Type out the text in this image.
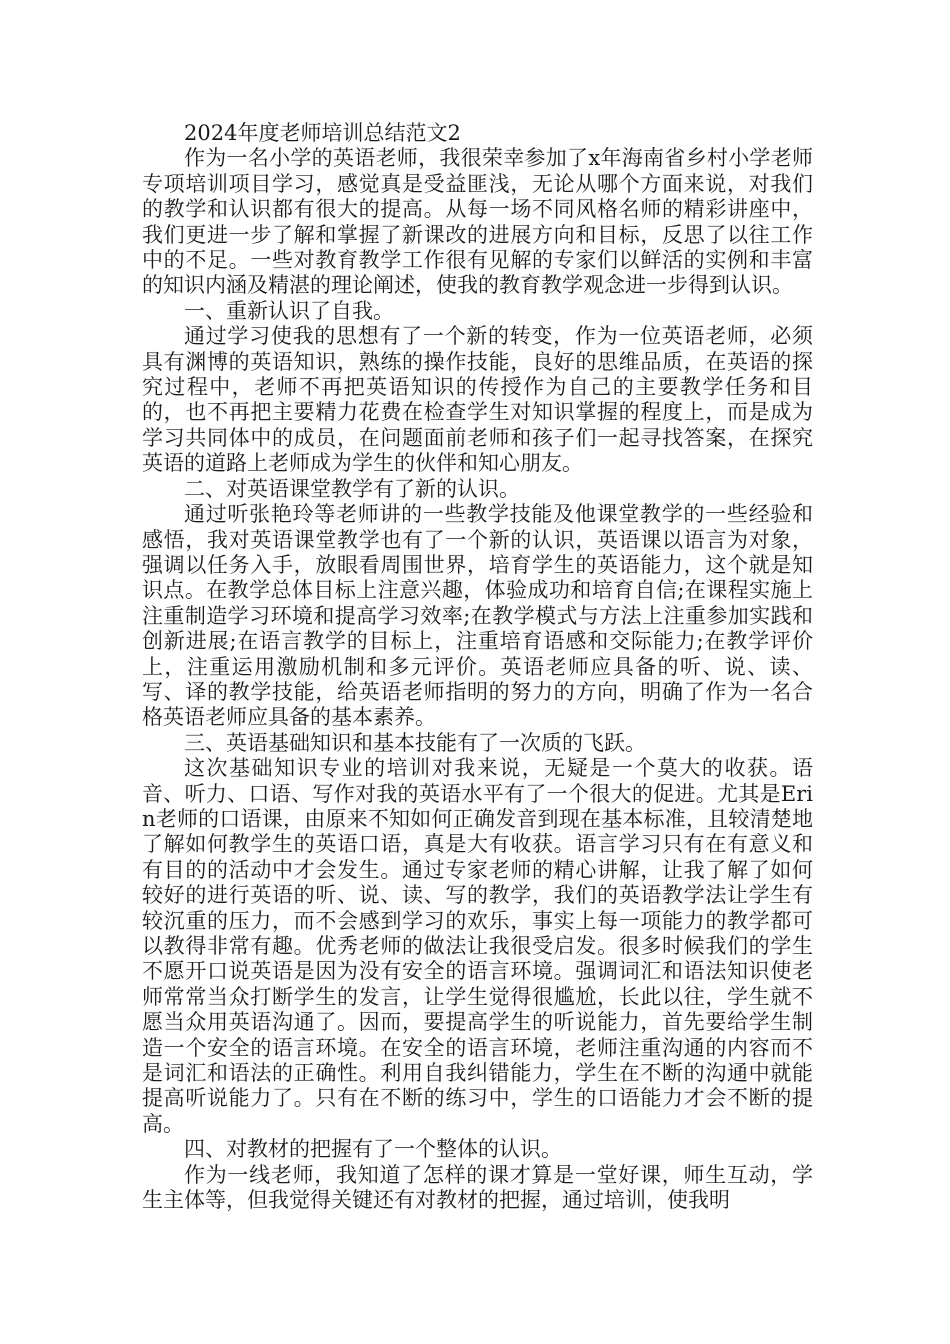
2024年度老师培训总结范文2

作为一名小学的英语老师，我很荣幸参加了x年海南省乡村小学老师专项培训项目学习，感觉真是受益匪浅，无论从哪个方面来说，对我们的教学和认识都有很大的提高。从每一场不同风格名师的精彩讲座中，我们更进一步了解和掌握了新课改的进展方向和目标，反思了以往工作中的不足。一些对教育教学工作很有见解的专家们以鲜活的实例和丰富的知识内涵及精湛的理论阐述，使我的教育教学观念进一步得到认识。

一、重新认识了自我。

通过学习使我的思想有了一个新的转变，作为一位英语老师，必须具有渊博的英语知识，熟练的操作技能，良好的思维品质，在英语的探究过程中，老师不再把英语知识的传授作为自己的主要教学任务和目的，也不再把主要精力花费在检查学生对知识掌握的程度上，而是成为学习共同体中的成员，在问题面前老师和孩子们一起寻找答案，在探究英语的道路上老师成为学生的伙伴和知心朋友。

二、对英语课堂教学有了新的认识。

通过听张艳玲等老师讲的一些教学技能及他课堂教学的一些经验和感悟，我对英语课堂教学也有了一个新的认识，英语课以语言为对象，强调以任务入手，放眼看周围世界，培育学生的英语能力，这个就是知识点。在教学总体目标上注意兴趣，体验成功和培育自信;在课程实施上注重制造学习环境和提高学习效率;在教学模式与方法上注重参加实践和创新进展;在语言教学的目标上，注重培育语感和交际能力;在教学评价上，注重运用激励机制和多元评价。英语老师应具备的听、说、读、写、译的教学技能，给英语老师指明的努力的方向，明确了作为一名合格英语老师应具备的基本素养。

三、英语基础知识和基本技能有了一次质的飞跃。

这次基础知识专业的培训对我来说，无疑是一个莫大的收获。语音、听力、口语、写作对我的英语水平有了一个很大的促进。尤其是Erin老师的口语课，由原来不知如何正确发音到现在基本标准，且较清楚地了解如何教学生的英语口语，真是大有收获。语言学习只有在有意义和有目的的活动中才会发生。通过专家老师的精心讲解，让我了解了如何较好的进行英语的听、说、读、写的教学，我们的英语教学法让学生有较沉重的压力，而不会感到学习的欢乐，事实上每一项能力的教学都可以教得非常有趣。优秀老师的做法让我很受启发。很多时候我们的学生不愿开口说英语是因为没有安全的语言环境。强调词汇和语法知识使老师常常当众打断学生的发言，让学生觉得很尴尬，长此以往，学生就不愿当众用英语沟通了。因而，要提高学生的听说能力，首先要给学生制造一个安全的语言环境。在安全的语言环境，老师注重沟通的内容而不是词汇和语法的正确性。利用自我纠错能力，学生在不断的沟通中就能提高听说能力了。只有在不断的练习中，学生的口语能力才会不断的提高。

四、对教材的把握有了一个整体的认识。

作为一线老师，我知道了怎样的课才算是一堂好课，师生互动，学生主体等，但我觉得关键还有对教材的把握，通过培训，使我明
